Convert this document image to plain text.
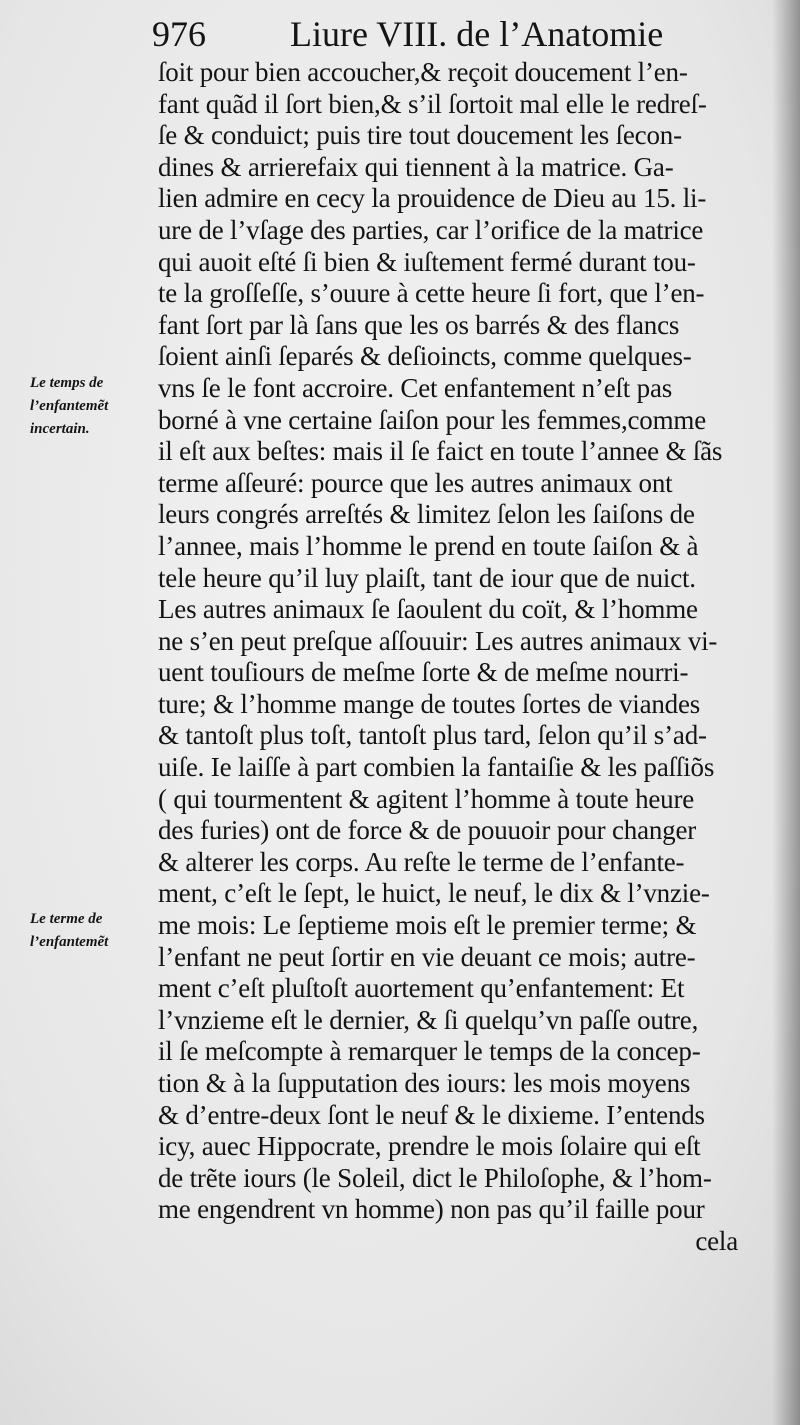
976 Liure VIII. de l’Anatomie
ſoit pour bien accoucher,& reçoit doucement l’en-
fant quãd il ſort bien,& s’il ſortoit mal elle le redreſ-
ſe & conduict; puis tire tout doucement les ſecon-
dines & arrierefaix qui tiennent à la matrice. Ga-
lien admire en cecy la prouidence de Dieu au 15. li-
ure de l’vſage des parties, car l’orifice de la matrice
qui auoit eſté ſi bien & iuſtement fermé durant tou-
te la groſſeſſe, s’ouure à cette heure ſi fort, que l’en-
fant ſort par là ſans que les os barrés & des flancs
ſoient ainſi ſeparés & deſioincts, comme quelques-
vns ſe le font accroire. Cet enfantement n’eſt pas
borné à vne certaine ſaiſon pour les femmes,comme
il eſt aux beſtes: mais il ſe faict en toute l’annee & ſãs
terme aſſeuré: pource que les autres animaux ont
leurs congrés arreſtés & limitez ſelon les ſaiſons de
l’annee, mais l’homme le prend en toute ſaiſon & à
tele heure qu’il luy plaiſt, tant de iour que de nuict.
Les autres animaux ſe ſaoulent du coït, & l’homme
ne s’en peut preſque aſſouuir: Les autres animaux vi-
uent touſiours de meſme ſorte & de meſme nourri-
ture; & l’homme mange de toutes ſortes de viandes
& tantoſt plus toſt, tantoſt plus tard, ſelon qu’il s’ad-
uiſe. Ie laiſſe à part combien la fantaiſie & les paſſiõs
( qui tourmentent & agitent l’homme à toute heure
des furies) ont de force & de pouuoir pour changer
& alterer les corps. Au reſte le terme de l’enfante-
ment, c’eſt le ſept, le huict, le neuf, le dix & l’vnzie-
me mois: Le ſeptieme mois eſt le premier terme; &
l’enfant ne peut ſortir en vie deuant ce mois; autre-
ment c’eſt pluſtoſt auortement qu’enfantement: Et
l’vnzieme eſt le dernier, & ſi quelqu’vn paſſe outre,
il ſe meſcompte à remarquer le temps de la concep-
tion & à la ſupputation des iours: les mois moyens
& d’entre-deux ſont le neuf & le dixieme. I’entends
icy, auec Hippocrate, prendre le mois ſolaire qui eſt
de trẽte iours (le Soleil, dict le Philoſophe, & l’hom-
me engendrent vn homme) non pas qu’il faille pour
cela
Le temps de
l’enfantemẽt
incertain.
Le terme de
l’enfantemẽt
